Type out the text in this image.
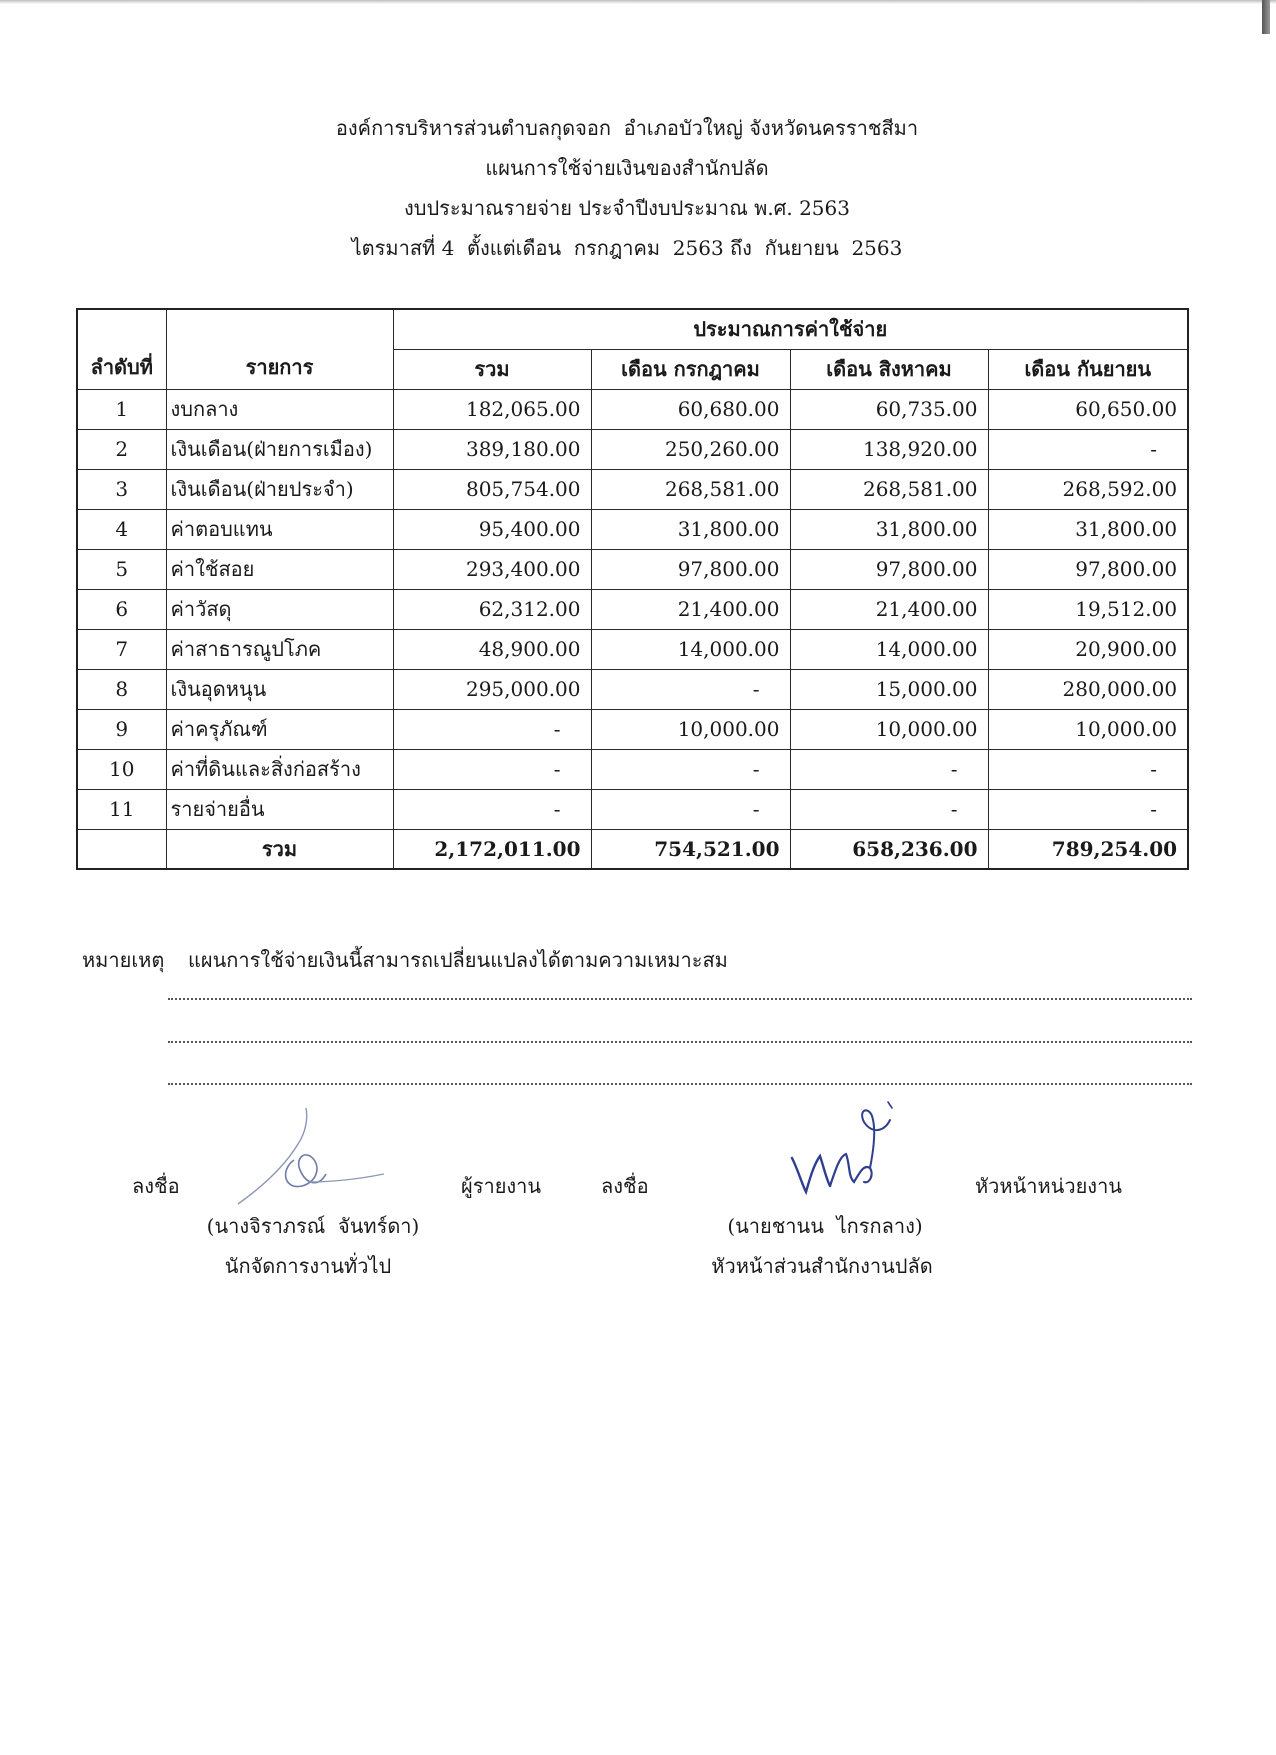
องค์การบริหารส่วนตำบลกุดจอก  อำเภอบัวใหญ่ จังหวัดนครราชสีมา
แผนการใช้จ่ายเงินของสำนักปลัด
งบประมาณรายจ่าย ประจำปีงบประมาณ พ.ศ. 2563
ไตรมาสที่ 4  ตั้งแต่เดือน  กรกฎาคม  2563 ถึง  กันยายน  2563
ลำดับที่	รายการ	ประมาณการค่าใช้จ่าย			
		รวม	เดือน กรกฎาคม	เดือน สิงหาคม	เดือน กันยายน
1	งบกลาง	182,065.00	60,680.00	60,735.00	60,650.00
2	เงินเดือน(ฝ่ายการเมือง)	389,180.00	250,260.00	138,920.00	-
3	เงินเดือน(ฝ่ายประจำ)	805,754.00	268,581.00	268,581.00	268,592.00
4	ค่าตอบแทน	95,400.00	31,800.00	31,800.00	31,800.00
5	ค่าใช้สอย	293,400.00	97,800.00	97,800.00	97,800.00
6	ค่าวัสดุ	62,312.00	21,400.00	21,400.00	19,512.00
7	ค่าสาธารณูปโภค	48,900.00	14,000.00	14,000.00	20,900.00
8	เงินอุดหนุน	295,000.00	-	15,000.00	280,000.00
9	ค่าครุภัณฑ์	-	10,000.00	10,000.00	10,000.00
10	ค่าที่ดินและสิ่งก่อสร้าง	-	-	-	-
11	รายจ่ายอื่น	-	-	-	-
	รวม	2,172,011.00	754,521.00	658,236.00	789,254.00
หมายเหตุ แผนการใช้จ่ายเงินนี้สามารถเปลี่ยนแปลงได้ตามความเหมาะสม
ลงชื่อ	ผู้รายงาน
(นางจิราภรณ์  จันทร์ดา)
นักจัดการงานทั่วไป
ลงชื่อ	หัวหน้าหน่วยงาน
(นายชานน  ไกรกลาง)
หัวหน้าส่วนสำนักงานปลัด
